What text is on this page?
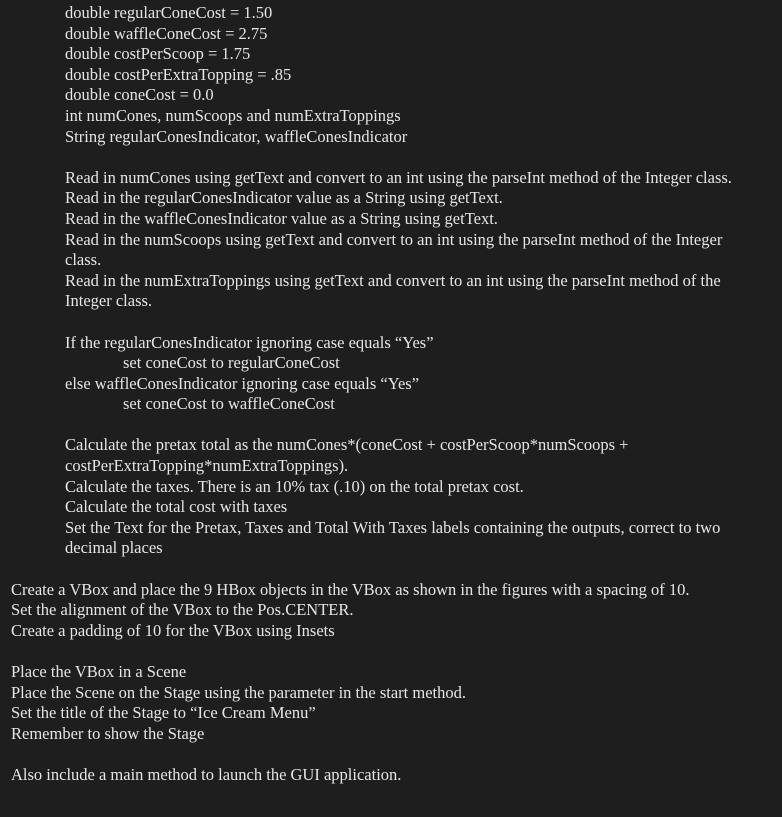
double regularConeCost = 1.50
double waffleConeCost = 2.75
double costPerScoop = 1.75
double costPerExtraTopping = .85
double coneCost = 0.0
int numCones, numScoops and numExtraToppings
String regularConesIndicator, waffleConesIndicator
Read in numCones using getText and convert to an int using the parseInt method of the Integer class.
Read in the regularConesIndicator value as a String using getText.
Read in the waffleConesIndicator value as a String using getText.
Read in the numScoops using getText and convert to an int using the parseInt method of the Integer class.
Read in the numExtraToppings using getText and convert to an int using the parseInt method of the Integer class.
If the regularConesIndicator ignoring case equals “Yes”
set coneCost to regularConeCost
else waffleConesIndicator ignoring case equals “Yes”
set coneCost to waffleConeCost
Calculate the pretax total as the numCones*(coneCost + costPerScoop*numScoops + costPerExtraTopping*numExtraToppings).
Calculate the taxes. There is an 10% tax (.10) on the total pretax cost.
Calculate the total cost with taxes
Set the Text for the Pretax, Taxes and Total With Taxes labels containing the outputs, correct to two decimal places
Create a VBox and place the 9 HBox objects in the VBox as shown in the figures with a spacing of 10.
Set the alignment of the VBox to the Pos.CENTER.
Create a padding of 10 for the VBox using Insets
Place the VBox in a Scene
Place the Scene on the Stage using the parameter in the start method.
Set the title of the Stage to “Ice Cream Menu”
Remember to show the Stage
Also include a main method to launch the GUI application.
